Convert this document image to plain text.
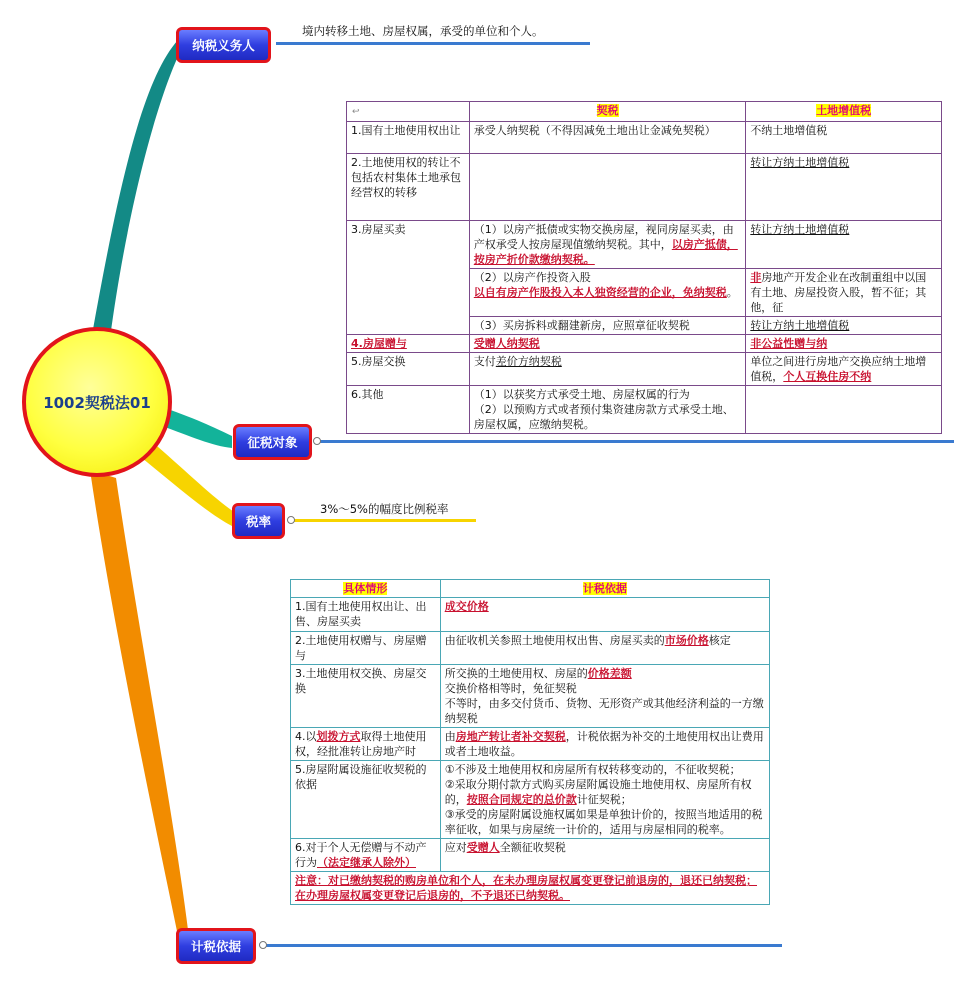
1002契税法01
纳税义务人
境内转移土地、房屋权属，承受的单位和个人。
征税对象
税率
3%～5%的幅度比例税率
计税依据
↩	契税	土地增值税
1.国有土地使用权出让	承受人纳契税（不得因减免土地出让金减免契税）	不纳土地增值税
2.土地使用权的转让不包括农村集体土地承包经营权的转移		转让方纳土地增值税
3.房屋买卖	（1）以房产抵债或实物交换房屋，视同房屋买卖，由产权承受人按房屋现值缴纳契税。其中，以房产抵债，按房产折价款缴纳契税。	转让方纳土地增值税

	（2）以房产作投资入股
以自有房产作股投入本人独资经营的企业，免纳契税。	非房地产开发企业在改制重组中以国有土地、房屋投资入股，暂不征；其他，征
	（3）买房拆料或翻建新房，应照章征收契税	转让方纳土地增值税
4.房屋赠与	受赠人纳契税	非公益性赠与纳
5.房屋交换	支付差价方纳契税	单位之间进行房地产交换应纳土地增值税，个人互换住房不纳
6.其他	（1）以获奖方式承受土地、房屋权属的行为
（2）以预购方式或者预付集资建房款方式承受土地、房屋权属，应缴纳契税。	

具体情形	计税依据
1.国有土地使用权出让、出售、房屋买卖	成交价格
2.土地使用权赠与、房屋赠与	由征收机关参照土地使用权出售、房屋买卖的市场价格核定
3.土地使用权交换、房屋交换	所交换的土地使用权、房屋的价格差额
交换价格相等时，免征契税
不等时，由多交付货币、货物、无形资产或其他经济利益的一方缴纳契税

4.以划拨方式取得土地使用权，经批准转让房地产时	由房地产转让者补交契税，计税依据为补交的土地使用权出让费用或者土地收益。
5.房屋附属设施征收契税的依据	①不涉及土地使用权和房屋所有权转移变动的，不征收契税；
②采取分期付款方式购买房屋附属设施土地使用权、房屋所有权的，按照合同规定的总价款计征契税；
③承受的房屋附属设施权属如果是单独计价的，按照当地适用的税率征收，如果与房屋统一计价的，适用与房屋相同的税率。

6.对于个人无偿赠与不动产行为（法定继承人除外）	应对受赠人全额征收契税
注意：对已缴纳契税的购房单位和个人，在未办理房屋权属变更登记前退房的，退还已纳契税；在办理房屋权属变更登记后退房的，不予退还已纳契税。	
